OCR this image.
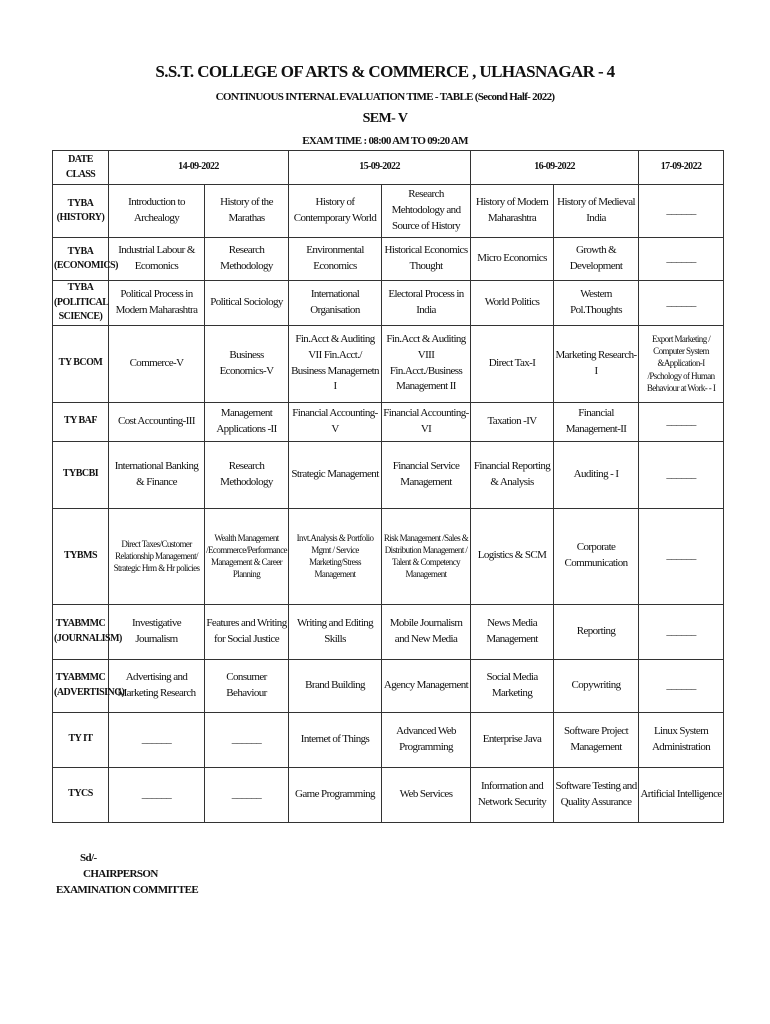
S.S.T. COLLEGE OF ARTS & COMMERCE , ULHASNAGAR - 4
CONTINUOUS INTERNAL EVALUATION TIME - TABLE (Second Half- 2022)
SEM- V
EXAM TIME : 08:00 AM TO 09:20 AM
DATE
CLASS	14-09-2022		15-09-2022		16-09-2022		17-09-2022
TYBA
(HISTORY)	Introduction to Archealogy	History of the Marathas	History of Contemporary World	Research Mehtodology and Source of History	History of Modern Maharashtra	History of Medieval India	______
TYBA
(ECONOMICS)	Industrial Labour & Ecomonics	Research Methodology	Environmental Economics	Historical Economics Thought	Micro Economics	Growth & Development	______
TYBA
(POLITICAL
SCIENCE)	Political Process in Modern Maharashtra	Political Sociology	International Organisation	Electoral Process in India	World Politics	Western Pol.Thoughts	______
TY BCOM	Commerce-V	Business Economics-V	Fin.Acct & Auditing VII Fin.Acct./ Business Managemetn I	Fin.Acct & Auditing VIII Fin.Acct./Business Management II	Direct Tax-I	Marketing Research- I	Export Marketing / Computer System &Application-I /Pschology of Human Behaviour at Work- - I
TY BAF	Cost Accounting-III	Management Applications -II	Financial Accounting-V	Financial Accounting-VI	Taxation -IV	Financial Management-II	______
TYBCBI	International Banking & Finance	Research Methodology	Strategic Management	Financial Service Management	Financial Reporting & Analysis	Auditing - I	______
TYBMS	Direct Taxes/Customer Relationship Management/ Strategic Hrm & Hr policies	Wealth Management /Ecommerce/Performance Management & Career Planning	Invt.Analysis & Portfolio Mgmt / Service Marketing/Stress Management	Risk Management /Sales & Distribution Management / Talent & Competency Management	Logistics & SCM	Corporate Communication	______
TYABMMC
(JOURNALISM)	Investigative Journalism	Features and Writing for Social Justice	Writing and Editing Skills	Mobile Journalism and New Media	News Media Management	Reporting	______
TYABMMC
(ADVERTISING)	Advertising and Marketing Research	Consumer Behaviour	Brand Building	Agency Management	Social Media Marketing	Copywriting	______
TY IT	______	______	Internet of Things	Advanced Web Programming	Enterprise Java	Software Project Management	Linux System Administration
TYCS	______	______	Game Programming	Web Services	Information and Network Security	Software Testing and Quality Assurance	Artificial Intelligence
Sd/-
CHAIRPERSON
EXAMINATION COMMITTEE
